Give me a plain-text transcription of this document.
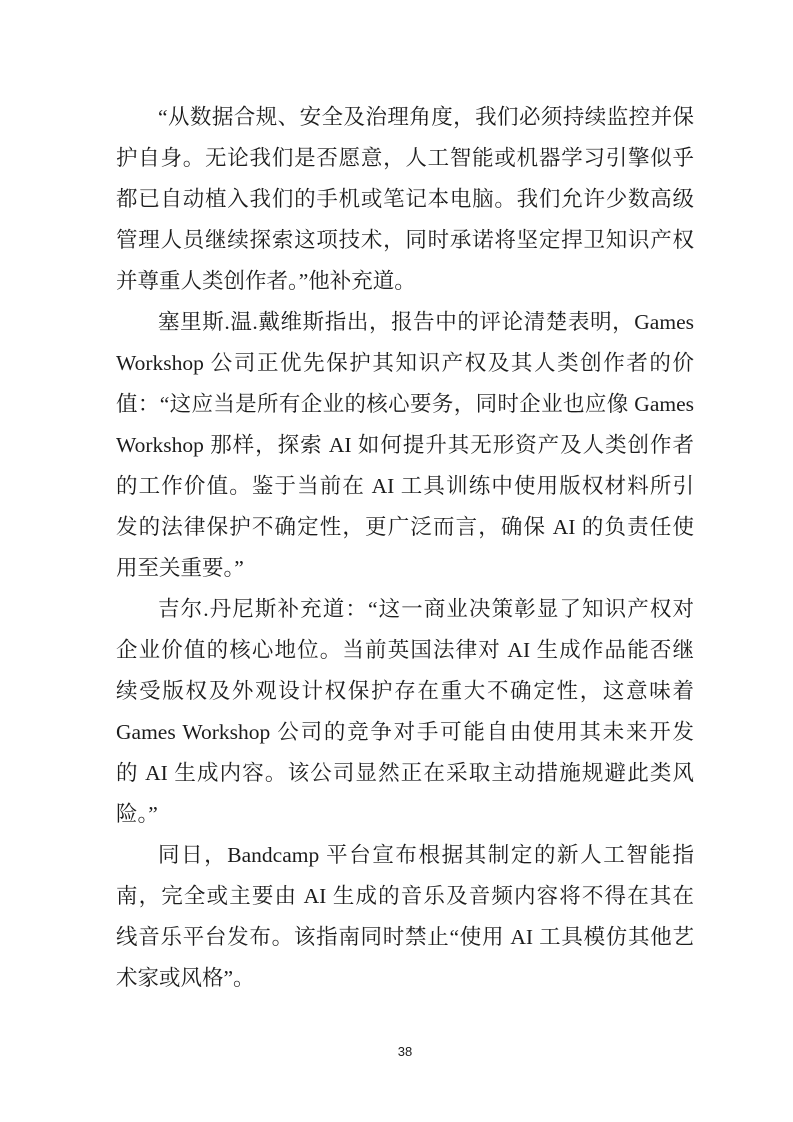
“从数据合规、安全及治理角度，我们必须持续监控并保
护自身。无论我们是否愿意，人工智能或机器学习引擎似乎
都已自动植入我们的手机或笔记本电脑。我们允许少数高级
管理人员继续探索这项技术，同时承诺将坚定捍卫知识产权
并尊重人类创作者。”他补充道。
塞里斯.温.戴维斯指出，报告中的评论清楚表明，Games
Workshop 公司正优先保护其知识产权及其人类创作者的价
值：“这应当是所有企业的核心要务，同时企业也应像 Games
Workshop 那样，探索 AI 如何提升其无形资产及人类创作者
的工作价值。鉴于当前在 AI 工具训练中使用版权材料所引
发的法律保护不确定性，更广泛而言，确保 AI 的负责任使
用至关重要。”
吉尔.丹尼斯补充道：“这一商业决策彰显了知识产权对
企业价值的核心地位。当前英国法律对 AI 生成作品能否继
续受版权及外观设计权保护存在重大不确定性，这意味着
Games Workshop 公司的竞争对手可能自由使用其未来开发
的 AI 生成内容。该公司显然正在采取主动措施规避此类风
险。”
同日，Bandcamp 平台宣布根据其制定的新人工智能指
南，完全或主要由 AI 生成的音乐及音频内容将不得在其在
线音乐平台发布。该指南同时禁止“使用 AI 工具模仿其他艺
术家或风格”。
38
